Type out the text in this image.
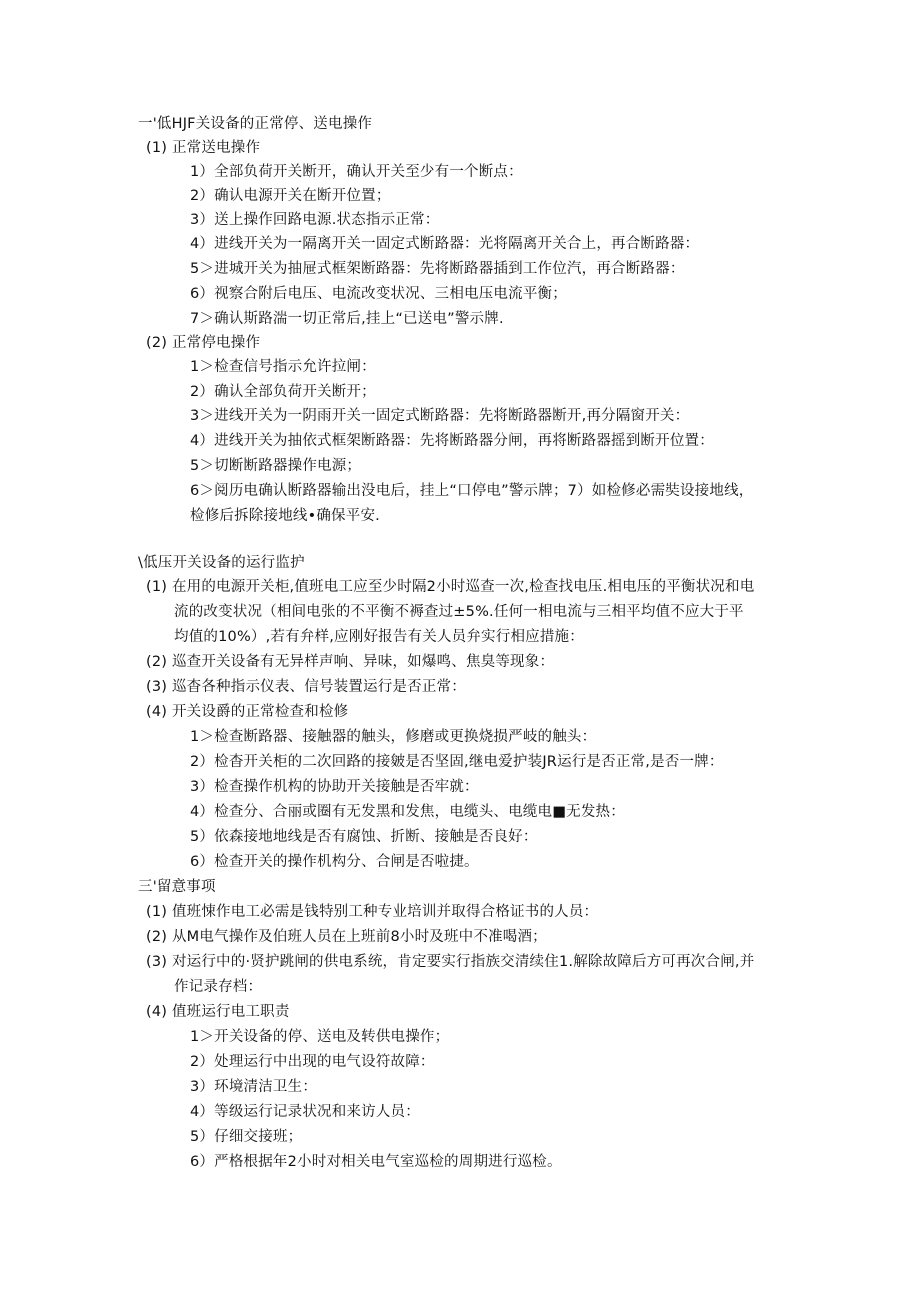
一'低HJF关设备的正常停、送电操作

(1) 正常送电操作

1）全部负荷开关断开，确认开关至少有一个断点：

2）确认电源开关在断开位置；

3）送上操作回路电源.状态指示正常：

4）进线开关为一隔离开关一固定式断路器：光将隔离开关合上，再合断路器：

5＞进城开关为抽屉式框架断路器：先将断路器插到工作位汽，再合断路器：

6）视察合附后电压、电流改变状况、三相电压电流平衡；

7＞确认斯路湍一切正常后,挂上“已送电”警示牌.

(2) 正常停电操作

1＞检查信号指示允许拉闸：

2）确认全部负荷开关断开；

3＞进线开关为一阴雨开关一固定式断路器：先将断路器断开,再分隔窗开关：

4）进线开关为抽依式框架断路器：先将断路器分闸，再将断路器摇到断开位置：

5＞切断断路器操作电源；

6＞阅历电确认断路器输出没电后，挂上“口停电”警示牌；7）如检修必需奘设接地线，

检修后拆除接地线•确保平安.

\低压开关设备的运行监护

(1) 在用的电源开关柜,值班电工应至少时隔2小时巡查一次,检查找电压.相电压的平衡状况和电

流的改变状况（相间电张的不平衡不褥查过±5%.任何一相电流与三相平均值不应大于平

均值的10%）,若有弁样,应刚好报告有关人员弁实行相应措施：

(2) 巡查开关设备有无异样声响、异味，如爆鸣、焦臭等现象：

(3) 巡杳各种指示仪表、信号装置运行是否正常：

(4) 开关设爵的正常检查和检修

1＞检查断路器、接触器的触头，修磨或更换烧损严岐的触头：

2）检杳开关柜的二次回路的接皴是否坚固,继电爱护装JR运行是否正常,是否一牌：

3）检查操作机构的协助开关接触是否牢就：

4）检查分、合丽或圈有无发黑和发焦，电缆头、电缆电■无发热：

5）依森接地地线是否有腐蚀、折断、接触是否良好：

6）检查开关的操作机构分、合闸是否啦捷。

三'留意事项

(1) 值班悚作电工必需是钱特别工种专业培训并取得合格证书的人员：

(2) 从M电气操作及伯班人员在上班前8小时及班中不准喝酒；

(3) 对运行中的·贤护跳闸的供电系统，肯定要实行指族交清续住1.解除故障后方可再次合闸,并

作记录存档：

(4) 值班运行电工职责

1＞开关设备的停、送电及转供电操作；

2）处理运行中出现的电气设符故障：

3）环境清洁卫生：

4）等级运行记录状况和来访人员：

5）仔细交接班；

6）严格根据年2小时对相关电气室巡检的周期进行巡检。
